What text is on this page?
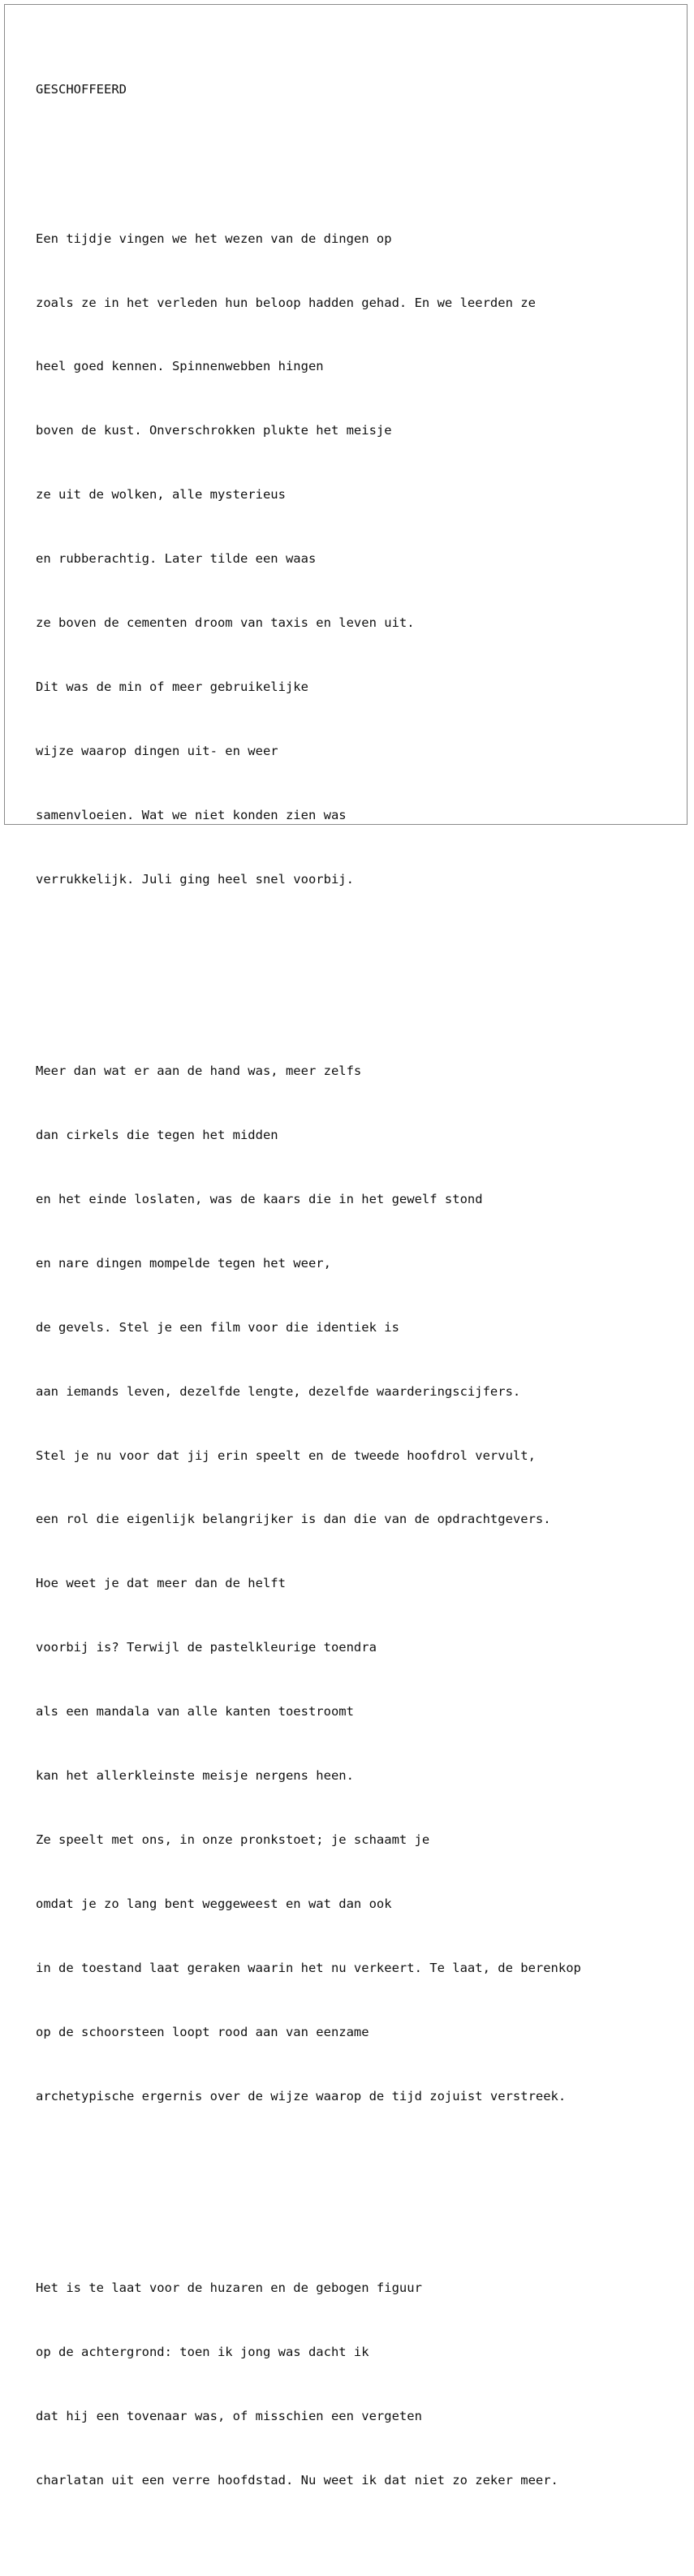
GESCHOFFEERD

Een tijdje vingen we het wezen van de dingen op

zoals ze in het verleden hun beloop hadden gehad. En we leerden ze

heel goed kennen. Spinnenwebben hingen

boven de kust. Onverschrokken plukte het meisje

ze uit de wolken, alle mysterieus

en rubberachtig. Later tilde een waas

ze boven de cementen droom van taxis en leven uit.

Dit was de min of meer gebruikelijke

wijze waarop dingen uit- en weer

samenvloeien. Wat we niet konden zien was

verrukkelijk. Juli ging heel snel voorbij.

Meer dan wat er aan de hand was, meer zelfs

dan cirkels die tegen het midden

en het einde loslaten, was de kaars die in het gewelf stond

en nare dingen mompelde tegen het weer,

de gevels. Stel je een film voor die identiek is

aan iemands leven, dezelfde lengte, dezelfde waarderingscijfers.

Stel je nu voor dat jij erin speelt en de tweede hoofdrol vervult,

een rol die eigenlijk belangrijker is dan die van de opdrachtgevers.

Hoe weet je dat meer dan de helft

voorbij is? Terwijl de pastelkleurige toendra

als een mandala van alle kanten toestroomt

kan het allerkleinste meisje nergens heen.

Ze speelt met ons, in onze pronkstoet; je schaamt je

omdat je zo lang bent weggeweest en wat dan ook

in de toestand laat geraken waarin het nu verkeert. Te laat, de berenkop

op de schoorsteen loopt rood aan van eenzame

archetypische ergernis over de wijze waarop de tijd zojuist verstreek.

Het is te laat voor de huzaren en de gebogen figuur

op de achtergrond: toen ik jong was dacht ik

dat hij een tovenaar was, of misschien een vergeten

charlatan uit een verre hoofdstad. Nu weet ik dat niet zo zeker meer.
